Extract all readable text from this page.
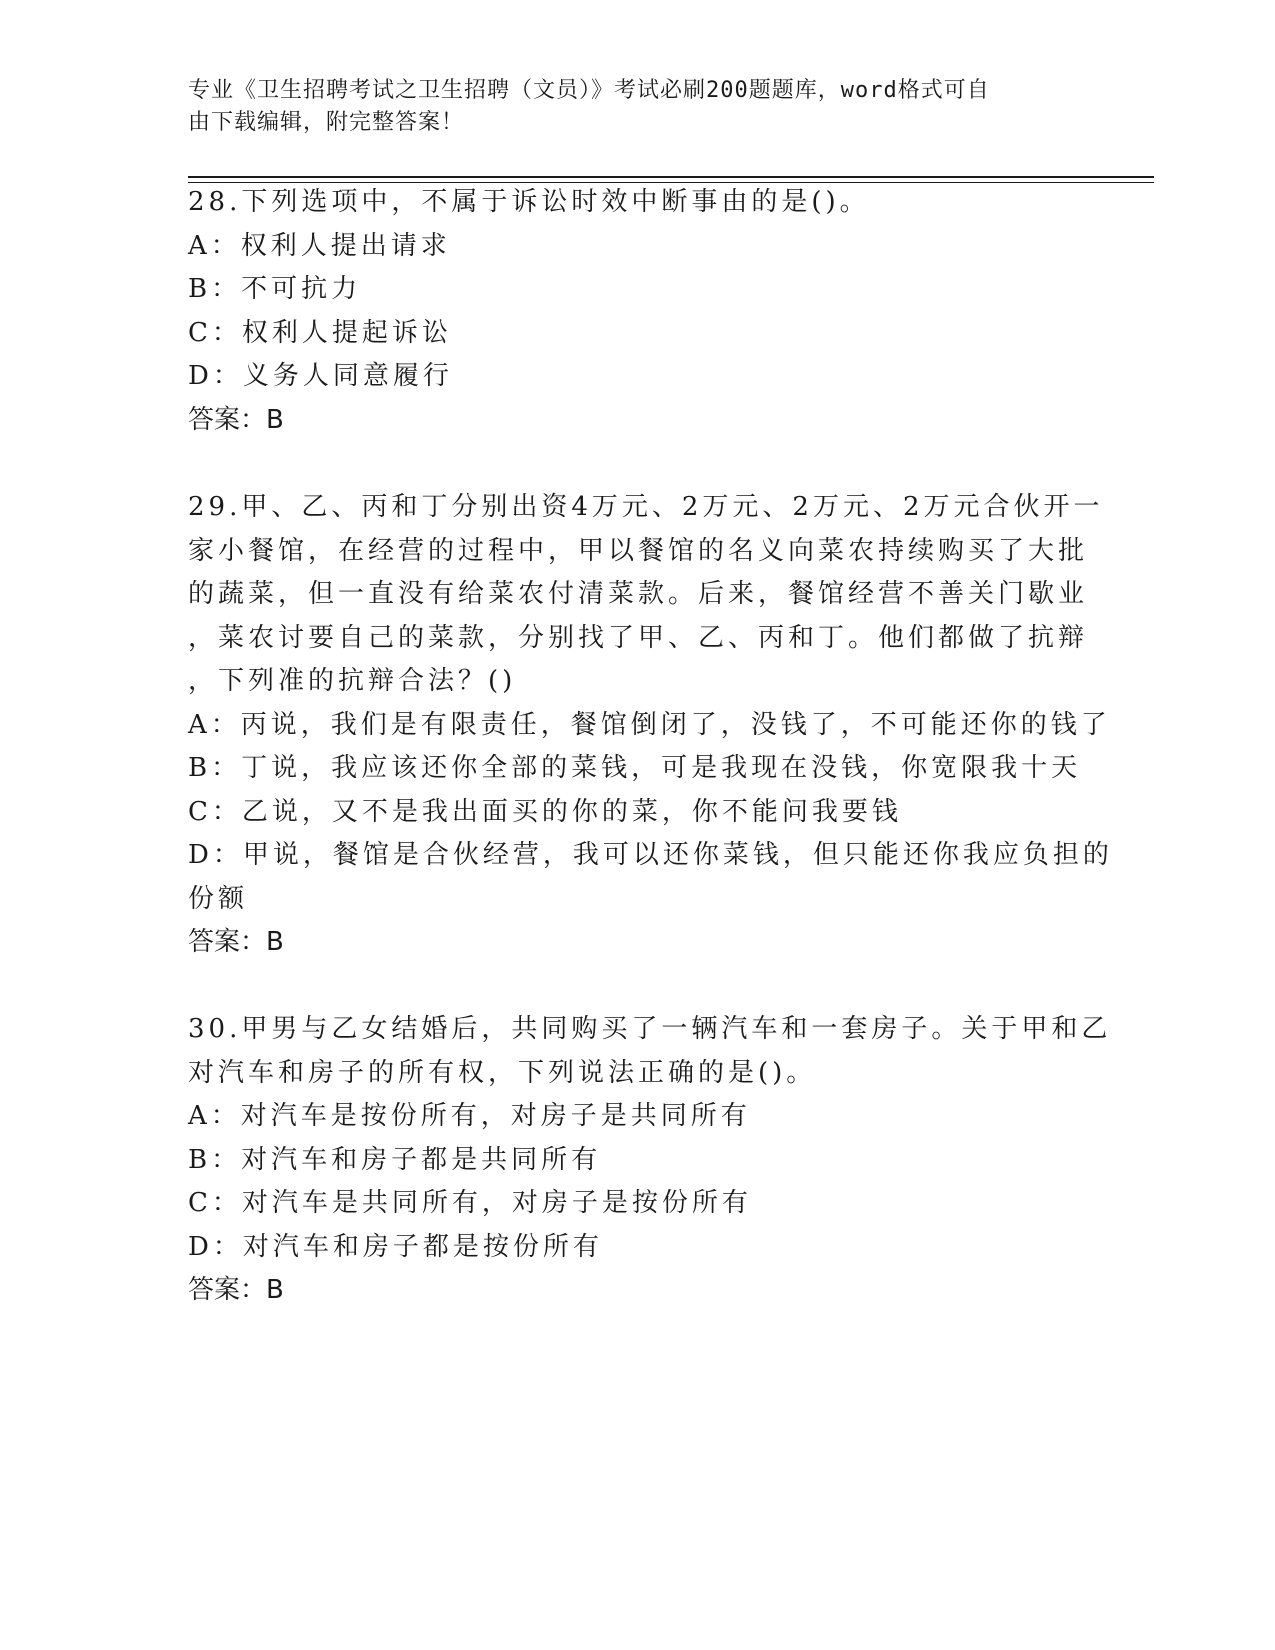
专业《卫生招聘考试之卫生招聘（文员）》考试必刷200题题库，word格式可自
由下载编辑，附完整答案！
28.下列选项中，不属于诉讼时效中断事由的是()。
A：权利人提出请求
B：不可抗力
C：权利人提起诉讼
D：义务人同意履行
答案：B
29.甲、乙、丙和丁分别出资4万元、2万元、2万元、2万元合伙开一
家小餐馆，在经营的过程中，甲以餐馆的名义向菜农持续购买了大批
的蔬菜，但一直没有给菜农付清菜款。后来，餐馆经营不善关门歇业
，菜农讨要自己的菜款，分别找了甲、乙、丙和丁。他们都做了抗辩
，下列准的抗辩合法？()
A：丙说，我们是有限责任，餐馆倒闭了，没钱了，不可能还你的钱了
B：丁说，我应该还你全部的菜钱，可是我现在没钱，你宽限我十天
C：乙说，又不是我出面买的你的菜，你不能问我要钱
D：甲说，餐馆是合伙经营，我可以还你菜钱，但只能还你我应负担的
份额
答案：B
30.甲男与乙女结婚后，共同购买了一辆汽车和一套房子。关于甲和乙
对汽车和房子的所有权，下列说法正确的是()。
A：对汽车是按份所有，对房子是共同所有
B：对汽车和房子都是共同所有
C：对汽车是共同所有，对房子是按份所有
D：对汽车和房子都是按份所有
答案：B
